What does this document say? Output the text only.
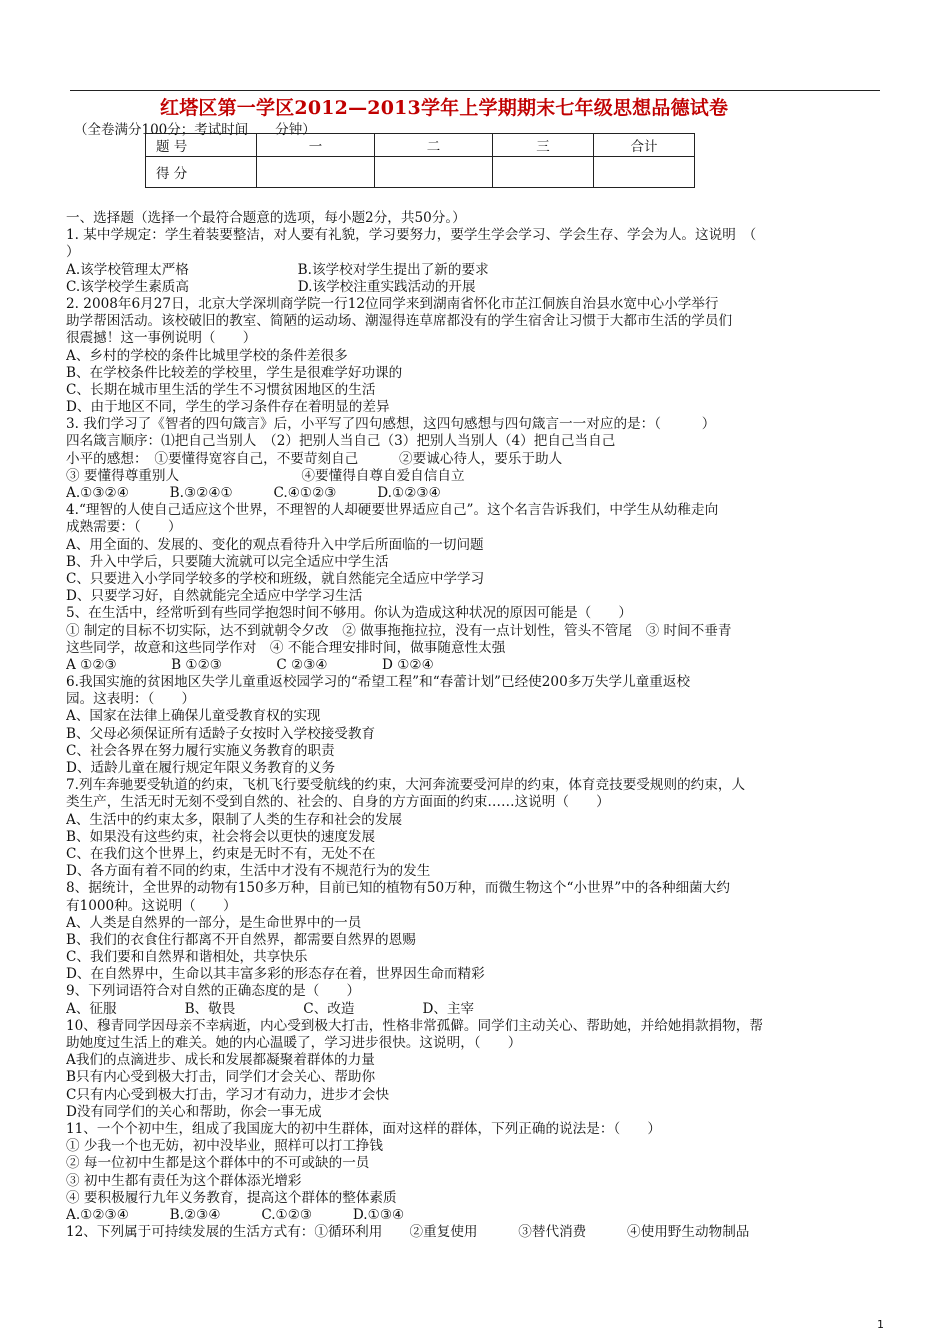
红塔区第一学区2012—2013学年上学期期末七年级思想品德试卷
（全卷满分100分；考试时间　　分钟）
题 号	一	二	三	合计
得 分				
一、选择题（选择一个最符合题意的选项，每小题2分，共50分。）
1. 某中学规定：学生着装要整洁，对人要有礼貌，学习要努力，要学生学会学习、学会生存、学会为人。这说明　（
）
A.该学校管理太严格　　　　　　　　B.该学校对学生提出了新的要求
C.该学校学生素质高　　　　　　　　D.该学校注重实践活动的开展
2. 2008年6月27日，北京大学深圳商学院一行12位同学来到湖南省怀化市芷江侗族自治县水宽中心小学举行
助学帮困活动。该校破旧的教室、简陋的运动场、潮湿得连草席都没有的学生宿舍让习惯于大都市生活的学员们
很震撼！这一事例说明（　　）
A、乡村的学校的条件比城里学校的条件差很多
B、在学校条件比较差的学校里，学生是很难学好功课的
C、长期在城市里生活的学生不习惯贫困地区的生活
D、由于地区不同，学生的学习条件存在着明显的差异
3. 我们学习了《智者的四句箴言》后，小平写了四句感想，这四句感想与四句箴言一一对应的是：（　　　）
四名箴言顺序：⑴把自己当别人　（2）把别人当自己（3）把别人当别人（4）把自己当自己
小平的感想：　①要懂得宽容自己，不要苛刻自己　　　②要诚心待人，要乐于助人
③ 要懂得尊重别人　　　　　　　　　④要懂得自尊自爱自信自立
A.①③②④　　　B.③②④①　　　C.④①②③　　　D.①②③④
4.“理智的人使自己适应这个世界，不理智的人却硬要世界适应自己”。这个名言告诉我们，中学生从幼稚走向
成熟需要：（　　）
A、用全面的、发展的、变化的观点看待升入中学后所面临的一切问题
B、升入中学后，只要随大流就可以完全适应中学生活
C、只要进入小学同学较多的学校和班级，就自然能完全适应中学学习
D、只要学习好，自然就能完全适应中学学习生活
5、在生活中，经常听到有些同学抱怨时间不够用。你认为造成这种状况的原因可能是（　　）
① 制定的目标不切实际，达不到就朝令夕改　② 做事拖拖拉拉，没有一点计划性，管头不管尾　③ 时间不垂青
这些同学，故意和这些同学作对　④ 不能合理安排时间，做事随意性太强
A ①②③　　　　B ①②③　　　　C ②③④　　　　D ①②④
6.我国实施的贫困地区失学儿童重返校园学习的“希望工程”和“春蕾计划”已经使200多万失学儿童重返校
园。这表明：（　　）
A、国家在法律上确保儿童受教育权的实现
B、父母必须保证所有适龄子女按时入学校接受教育
C、社会各界在努力履行实施义务教育的职责
D、适龄儿童在履行规定年限义务教育的义务
7.列车奔驰要受轨道的约束，飞机飞行要受航线的约束，大河奔流要受河岸的约束，体育竞技要受规则的约束，人
类生产，生活无时无刻不受到自然的、社会的、自身的方方面面的约束……这说明（　　）
A、生活中的约束太多，限制了人类的生存和社会的发展
B、如果没有这些约束，社会将会以更快的速度发展
C、在我们这个世界上，约束是无时不有，无处不在
D、各方面有着不同的约束，生活中才没有不规范行为的发生
8、据统计，全世界的动物有150多万种，目前已知的植物有50万种，而微生物这个“小世界”中的各种细菌大约
有1000种。这说明（　　）
A、人类是自然界的一部分，是生命世界中的一员
B、我们的衣食住行都离不开自然界，都需要自然界的恩赐
C、我们要和自然界和谐相处，共享快乐
D、在自然界中，生命以其丰富多彩的形态存在着，世界因生命而精彩
9、下列词语符合对自然的正确态度的是（　　）
A、征服　　　　　B、敬畏　　　　　C、改造　　　　　D、主宰
10、穆青同学因母亲不幸病逝，内心受到极大打击，性格非常孤僻。同学们主动关心、帮助她，并给她捐款捐物，帮
助她度过生活上的难关。她的内心温暖了，学习进步很快。这说明，（　　）
A我们的点滴进步、成长和发展都凝聚着群体的力量
B只有内心受到极大打击，同学们才会关心、帮助你
C只有内心受到极大打击，学习才有动力，进步才会快
D没有同学们的关心和帮助，你会一事无成
11、一个个初中生，组成了我国庞大的初中生群体，面对这样的群体，下列正确的说法是：（　　）
① 少我一个也无妨，初中没毕业，照样可以打工挣钱
② 每一位初中生都是这个群体中的不可或缺的一员
③ 初中生都有责任为这个群体添光增彩
④ 要积极履行九年义务教育，提高这个群体的整体素质
A.①②③④　　　B.②③④　　　C.①②③　　　D.①③④
12、下列属于可持续发展的生活方式有：①循环利用　　②重复使用　　　③替代消费　　　④使用野生动物制品
1
